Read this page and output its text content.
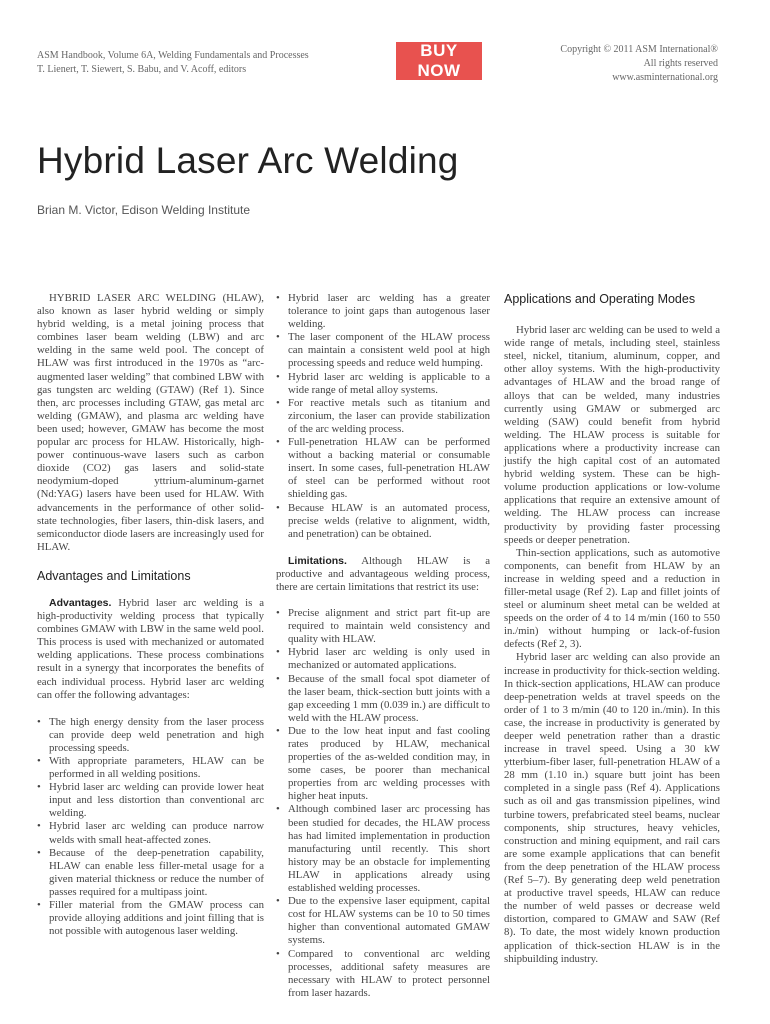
ASM Handbook, Volume 6A, Welding Fundamentals and Processes
T. Lienert, T. Siewert, S. Babu, and V. Acoff, editors
BUY NOW
Copyright © 2011 ASM International®
All rights reserved
www.asminternational.org
Hybrid Laser Arc Welding

Brian M. Victor, Edison Welding Institute

HYBRID LASER ARC WELDING (HLAW), also known as laser hybrid welding or simply hybrid welding, is a metal joining process that combines laser beam welding (LBW) and arc welding in the same weld pool. The concept of HLAW was first introduced in the 1970s as “arc-augmented laser welding” that combined LBW with gas tungsten arc welding (GTAW) (Ref 1). Since then, arc processes including GTAW, gas metal arc welding (GMAW), and plasma arc welding have been used; however, GMAW has become the most popular arc process for HLAW. Historically, high-power continuous-wave lasers such as carbon dioxide (CO2) gas lasers and solid-state neodymium-doped yttrium-aluminum-garnet (Nd:YAG) lasers have been used for HLAW. With advancements in the performance of other solid-state technologies, fiber lasers, thin-disk lasers, and semiconductor diode lasers are increasingly used for HLAW.

Advantages and Limitations

Advantages. Hybrid laser arc welding is a high-productivity welding process that typically combines GMAW with LBW in the same weld pool. This process is used with mechanized or automated welding applications. These process combinations result in a synergy that incorporates the benefits of each individual process. Hybrid laser arc welding can offer the following advantages:

• The high energy density from the laser process can provide deep weld penetration and high processing speeds.
• With appropriate parameters, HLAW can be performed in all welding positions.
• Hybrid laser arc welding can provide lower heat input and less distortion than conventional arc welding.
• Hybrid laser arc welding can produce narrow welds with small heat-affected zones.
• Because of the deep-penetration capability, HLAW can enable less filler-metal usage for a given material thickness or reduce the number of passes required for a multipass joint.
• Filler material from the GMAW process can provide alloying additions and joint filling that is not possible with autogenous laser welding.
• Hybrid laser arc welding has a greater tolerance to joint gaps than autogenous laser welding.
• The laser component of the HLAW process can maintain a consistent weld pool at high processing speeds and reduce weld humping.
• Hybrid laser arc welding is applicable to a wide range of metal alloy systems.
• For reactive metals such as titanium and zirconium, the laser can provide stabilization of the arc welding process.
• Full-penetration HLAW can be performed without a backing material or consumable insert. In some cases, full-penetration HLAW of steel can be performed without root shielding gas.
• Because HLAW is an automated process, precise welds (relative to alignment, width, and penetration) can be obtained.

Limitations. Although HLAW is a productive and advantageous welding process, there are certain limitations that restrict its use:

• Precise alignment and strict part fit-up are required to maintain weld consistency and quality with HLAW.
• Hybrid laser arc welding is only used in mechanized or automated applications.
• Because of the small focal spot diameter of the laser beam, thick-section butt joints with a gap exceeding 1 mm (0.039 in.) are difficult to weld with the HLAW process.
• Due to the low heat input and fast cooling rates produced by HLAW, mechanical properties of the as-welded condition may, in some cases, be poorer than mechanical properties from arc welding processes with higher heat inputs.
• Although combined laser arc processing has been studied for decades, the HLAW process has had limited implementation in production manufacturing until recently. This short history may be an obstacle for implementing HLAW in applications already using established welding processes.
• Due to the expensive laser equipment, capital cost for HLAW systems can be 10 to 50 times higher than conventional automated GMAW systems.
• Compared to conventional arc welding processes, additional safety measures are necessary with HLAW to protect personnel from laser hazards.
Applications and Operating Modes

Hybrid laser arc welding can be used to weld a wide range of metals, including steel, stainless steel, nickel, titanium, aluminum, copper, and other alloy systems. With the high-productivity advantages of HLAW and the broad range of alloys that can be welded, many industries currently using GMAW or submerged arc welding (SAW) could benefit from hybrid welding. The HLAW process is suitable for applications where a productivity increase can justify the high capital cost of an automated hybrid welding system. These can be high-volume production applications or low-volume applications that require an extensive amount of welding. The HLAW process can increase productivity by providing faster processing speeds or deeper penetration.

Thin-section applications, such as automotive components, can benefit from HLAW by an increase in welding speed and a reduction in filler-metal usage (Ref 2). Lap and fillet joints of steel or aluminum sheet metal can be welded at speeds on the order of 4 to 14 m/min (160 to 550 in./min) without humping or lack-of-fusion defects (Ref 2, 3).

Hybrid laser arc welding can also provide an increase in productivity for thick-section welding. In thick-section applications, HLAW can produce deep-penetration welds at travel speeds on the order of 1 to 3 m/min (40 to 120 in./min). In this case, the increase in productivity is generated by deeper weld penetration rather than a drastic increase in travel speed. Using a 30 kW ytterbium-fiber laser, full-penetration HLAW of a 28 mm (1.10 in.) square butt joint has been completed in a single pass (Ref 4). Applications such as oil and gas transmission pipelines, wind turbine towers, prefabricated steel beams, nuclear components, ship structures, heavy vehicles, construction and mining equipment, and rail cars are some example applications that can benefit from the deep penetration of the HLAW process (Ref 5–7). By generating deep weld penetration at productive travel speeds, HLAW can reduce the number of weld passes or decrease weld distortion, compared to GMAW and SAW (Ref 8). To date, the most widely known production application of thick-section HLAW is in the shipbuilding industry.
